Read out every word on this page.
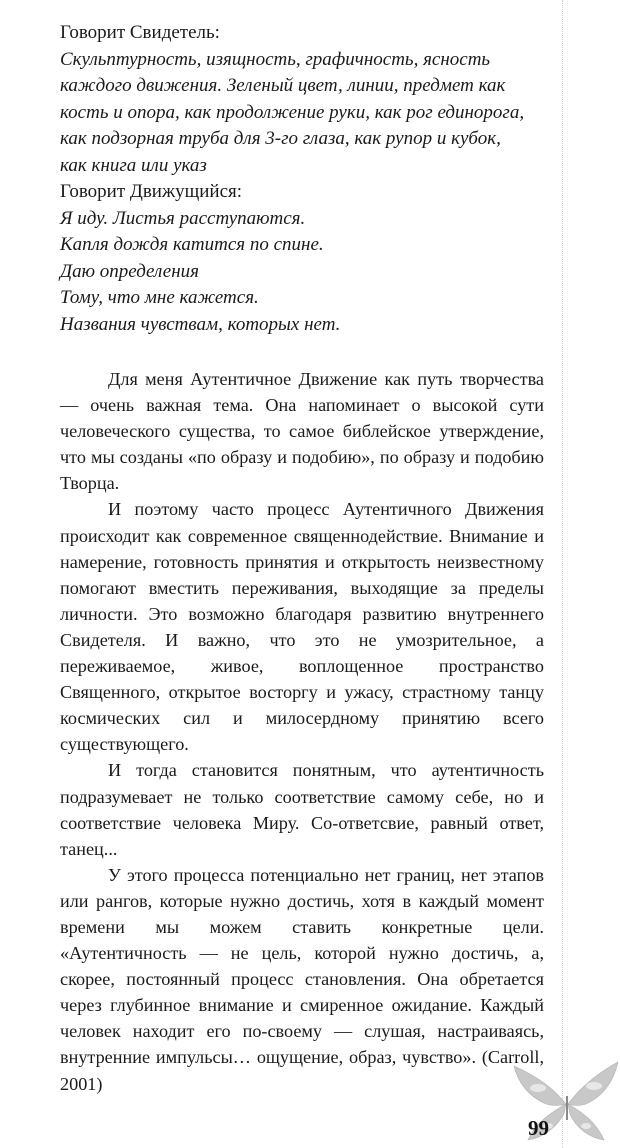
Говорит Свидетель:
Скульптурность, изящность, графичность, ясность
каждого движения. Зеленый цвет, линии, предмет как
кость и опора, как продолжение руки, как рог единорога,
как подзорная труба для 3-го глаза, как рупор и кубок,
как книга или указ
Говорит Движущийся:
Я иду. Листья расступаются.
Капля дождя катится по спине.
Даю определения
Тому, что мне кажется.
Названия чувствам, которых нет.

Для меня Аутентичное Движение как путь творчества — очень важная тема. Она напоминает о высокой сути человеческого существа, то самое библейское утверждение, что мы созданы «по образу и подобию», по образу и подобию Творца.

И поэтому часто процесс Аутентичного Движения происходит как современное священнодействие. Внимание и намерение, готовность принятия и открытость неизвестному помогают вместить переживания, выходящие за пределы личности. Это возможно благодаря развитию внутреннего Свидетеля. И важно, что это не умозрительное, а переживаемое, живое, воплощенное пространство Священного, открытое восторгу и ужасу, страстному танцу космических сил и милосердному принятию всего существующего.

И тогда становится понятным, что аутентичность подразумевает не только соответствие самому себе, но и соответствие человека Миру. Со-ответсвие, равный ответ, танец...

У этого процесса потенциально нет границ, нет этапов или рангов, которые нужно достичь, хотя в каждый момент времени мы можем ставить конкретные цели. «Аутентичность — не цель, которой нужно достичь, а, скорее, постоянный процесс становления. Она обретается через глубинное внимание и смиренное ожидание. Каждый человек находит его по-своему — слушая, настраиваясь, внутренние импульсы… ощущение, образ, чувство». (Carroll, 2001)

99
